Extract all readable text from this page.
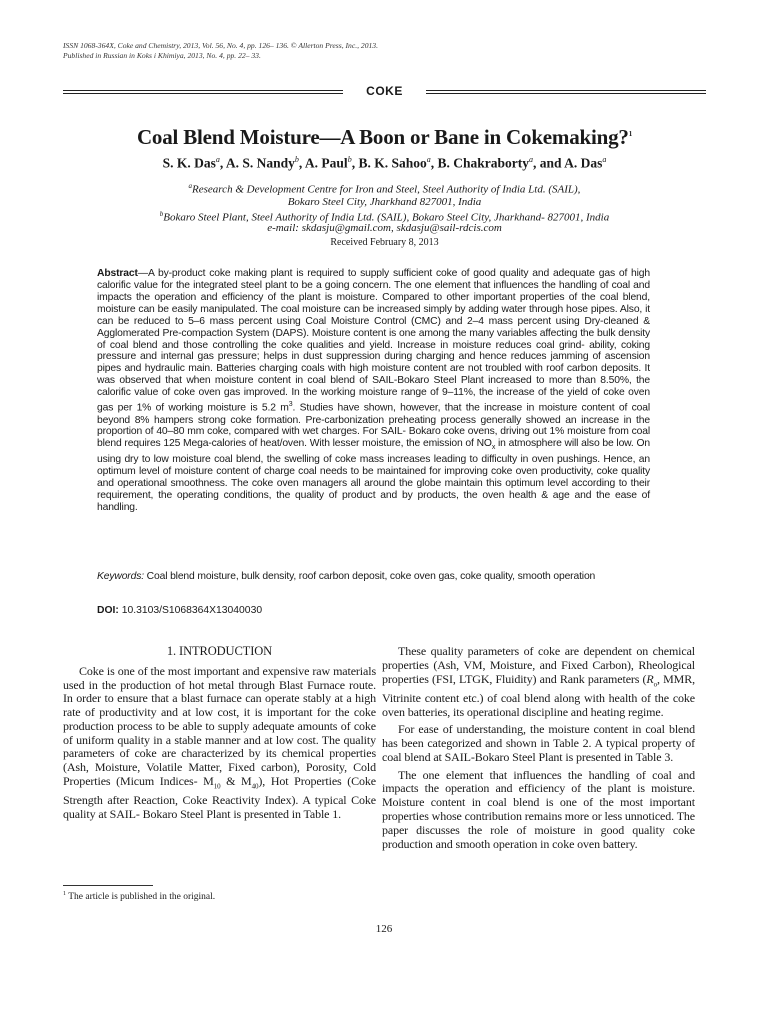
ISSN 1068-364X, Coke and Chemistry, 2013, Vol. 56, No. 4, pp. 126– 136. © Allerton Press, Inc., 2013.
Published in Russian in Koks i Khimiya, 2013, No. 4, pp. 22– 33.
COKE
Coal Blend Moisture—A Boon or Bane in Cokemaking?$^1$
S. K. Das$^a$, A. S. Nandy$^b$, A. Paul$^b$, B. K. Sahoo$^a$, B. Chakraborty$^a$, and A. Das$^a$
$^a$Research & Development Centre for Iron and Steel, Steel Authority of India Ltd. (SAIL),
Bokaro Steel City, Jharkhand 827001, India
$^b$Bokaro Steel Plant, Steel Authority of India Ltd. (SAIL), Bokaro Steel City, Jharkhand- 827001, India
e-mail: skdasju@gmail.com, skdasju@sail-rdcis.com
Received February 8, 2013
Abstract—A by-product coke making plant is required to supply sufficient coke of good quality and adequate gas of high calorific value for the integrated steel plant to be a going concern. The one element that influences the handling of coal and impacts the operation and efficiency of the plant is moisture. Compared to other important properties of the coal blend, moisture can be easily manipulated. The coal moisture can be increased simply by adding water through hose pipes. Also, it can be reduced to 5–6 mass percent using Coal Moisture Control (CMC) and 2–4 mass percent using Dry-cleaned & Agglomerated Pre-compaction System (DAPS). Moisture content is one among the many variables affecting the bulk density of coal blend and those controlling the coke qualities and yield. Increase in moisture reduces coal grind- ability, coking pressure and internal gas pressure; helps in dust suppression during charging and hence reduces jamming of ascension pipes and hydraulic main. Batteries charging coals with high moisture content are not troubled with roof carbon deposits. It was observed that when moisture content in coal blend of SAIL-Bokaro Steel Plant increased to more than 8.50%, the calorific value of coke oven gas improved. In the working moisture range of 9–11%, the increase of the yield of coke oven gas per 1% of working moisture is 5.2 $m^3$. Studies have shown, however, that the increase in moisture content of coal beyond 8% hampers strong coke formation. Pre-carbonization preheating process generally showed an increase in the proportion of 40–80 mm coke, compared with wet charges. For SAIL- Bokaro coke ovens, driving out 1% moisture from coal blend requires 125 Mega-calories of heat/oven. With lesser moisture, the emission of $NO_x$ in atmosphere will also be low. On using dry to low moisture coal blend, the swelling of coke mass increases leading to difficulty in oven pushings. Hence, an optimum level of moisture content of charge coal needs to be maintained for improving coke oven productivity, coke quality and operational smoothness. The coke oven managers all around the globe maintain this optimum level according to their requirement, the operating conditions, the quality of product and by products, the oven health & age and the ease of handling.
Keywords: Coal blend moisture, bulk density, roof carbon deposit, coke oven gas, coke quality, smooth operation
DOI: 10.3103/S1068364X13040030
1. INTRODUCTION

Coke is one of the most important and expensive raw materials used in the production of hot metal through Blast Furnace route. In order to ensure that a blast furnace can operate stably at a high rate of productivity and at low cost, it is important for the coke production process to be able to supply adequate amounts of coke of uniform quality in a stable manner and at low cost. The quality parameters of coke are characterized by its chemical properties (Ash, Moisture, Volatile Matter, Fixed carbon), Porosity, Cold Properties (Micum Indices- $M_{10}$ & $M_{40}$), Hot Properties (Coke Strength after Reaction, Coke Reactivity Index). A typical Coke quality at SAIL- Bokaro Steel Plant is presented in Table 1.

These quality parameters of coke are dependent on chemical properties (Ash, VM, Moisture, and Fixed Carbon), Rheological properties (FSI, LTGK, Fluidity) and Rank parameters ($R_o$, MMR, Vitrinite content etc.) of coal blend along with health of the coke oven batteries, its operational discipline and heating regime.

For ease of understanding, the moisture content in coal blend has been categorized and shown in Table 2. A typical property of coal blend at SAIL-Bokaro Steel Plant is presented in Table 3.

The one element that influences the handling of coal and impacts the operation and efficiency of the plant is moisture. Moisture content in coal blend is one of the most important properties whose contribution remains more or less unnoticed. The paper discusses the role of moisture in good quality coke production and smooth operation in coke oven battery.

$^1$ The article is published in the original.
126
